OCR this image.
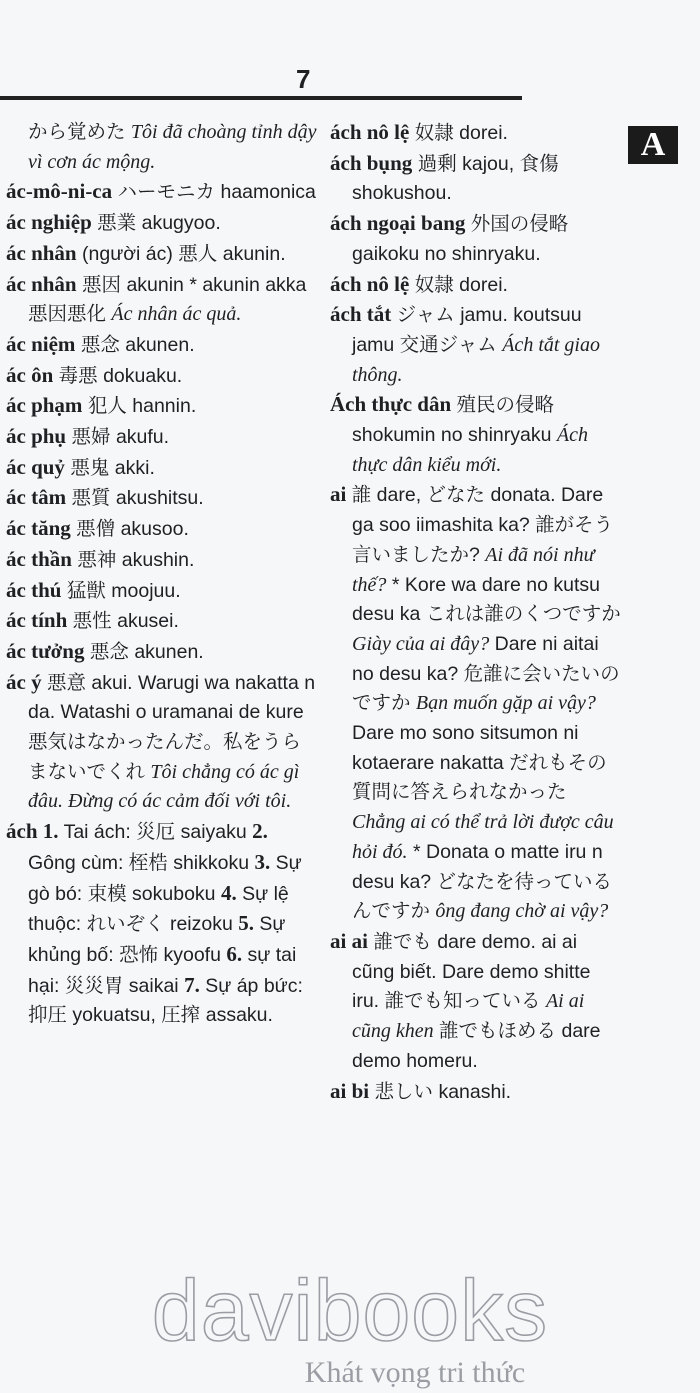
7
A

から覚めた Tôi đã choàng tỉnh dậy vì cơn ác mộng.

ác-mô-ni-ca ハーモニカ haamonica

ác nghiệp 悪業 akugyoo.

ác nhân (người ác) 悪人 akunin.

ác nhân 悪因 akunin * akunin akka 悪因悪化 Ác nhân ác quả.

ác niệm 悪念 akunen.

ác ôn 毒悪 dokuaku.

ác phạm 犯人 hannin.

ác phụ 悪婦 akufu.

ác quỷ 悪鬼 akki.

ác tâm 悪質 akushitsu.

ác tăng 悪僧 akusoo.

ác thần 悪神 akushin.

ác thú 猛獣 moojuu.

ác tính 悪性 akusei.

ác tưởng 悪念 akunen.

ác ý 悪意 akui. Warugi wa nakatta n da. Watashi o uramanai de kure 悪気はなかったんだ。私をうらまないでくれ Tôi chẳng có ác gì đâu. Đừng có ác cảm đối với tôi.

ách 1. Tai ách: 災厄 saiyaku 2. Gông cùm: 桎梏 shikkoku 3. Sự gò bó: 束模 sokuboku 4. Sự lệ thuộc: れいぞく reizoku 5. Sự khủng bố: 恐怖 kyoofu 6. sự tai hại: 災災胃 saikai 7. Sự áp bức: 抑圧 yokuatsu, 圧搾 assaku.

ách nô lệ 奴隷 dorei.

ách bụng 過剰 kajou, 食傷 shokushou.

ách ngoại bang 外国の侵略 gaikoku no shinryaku.

ách nô lệ 奴隷 dorei.

ách tắt ジャム jamu. koutsuu jamu 交通ジャム Ách tắt giao thông.

Ách thực dân 殖民の侵略 shokumin no shinryaku Ách thực dân kiểu mới.

ai 誰 dare, どなた donata. Dare ga soo iimashita ka? 誰がそう言いましたか? Ai đã nói như thế? * Kore wa dare no kutsu desu ka これは誰のくつですか Giày của ai đây? Dare ni aitai no desu ka? 危誰に会いたいのですか Bạn muốn gặp ai vậy? Dare mo sono sitsumon ni kotaerare nakatta だれもその質問に答えられなかった Chẳng ai có thể trả lời được câu hỏi đó. * Donata o matte iru n desu ka? どなたを待っているんですか ông đang chờ ai vậy?

ai ai 誰でも dare demo. ai ai cũng biết. Dare demo shitte iru. 誰でも知っている Ai ai cũng khen 誰でもほめる dare demo homeru.

ai bi 悲しい kanashi.

davibooks
Khát vọng tri thức
